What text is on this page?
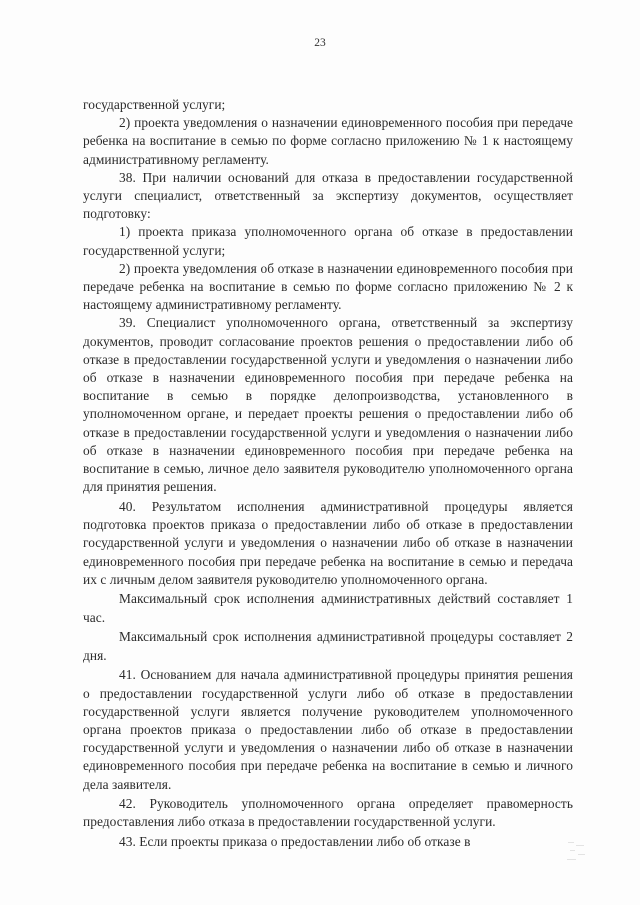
23

государственной услуги;

2) проекта уведомления о назначении единовременного пособия при передаче ребенка на воспитание в семью по форме согласно приложению № 1 к настоящему административному регламенту.

38. При наличии оснований для отказа в предоставлении государственной услуги специалист, ответственный за экспертизу документов, осуществляет подготовку:

1) проекта приказа уполномоченного органа об отказе в предоставлении государственной услуги;

2) проекта уведомления об отказе в назначении единовременного пособия при передаче ребенка на воспитание в семью по форме согласно приложению № 2 к настоящему административному регламенту.

39. Специалист уполномоченного органа, ответственный за экспертизу документов, проводит согласование проектов решения о предоставлении либо об отказе в предоставлении государственной услуги и уведомления о назначении либо об отказе в назначении единовременного пособия при передаче ребенка на воспитание в семью в порядке делопроизводства, установленного в уполномоченном органе, и передает проекты решения о предоставлении либо об отказе в предоставлении государственной услуги и уведомления о назначении либо об отказе в назначении единовременного пособия при передаче ребенка на воспитание в семью, личное дело заявителя руководителю уполномоченного органа для принятия решения.

40. Результатом исполнения административной процедуры является подготовка проектов приказа о предоставлении либо об отказе в предоставлении государственной услуги и уведомления о назначении либо об отказе в назначении единовременного пособия при передаче ребенка на воспитание в семью и передача их с личным делом заявителя руководителю уполномоченного органа.

Максимальный срок исполнения административных действий составляет 1 час.

Максимальный срок исполнения административной процедуры составляет 2 дня.

41. Основанием для начала административной процедуры принятия решения о предоставлении государственной услуги либо об отказе в предоставлении государственной услуги является получение руководителем уполномоченного органа проектов приказа о предоставлении либо об отказе в предоставлении государственной услуги и уведомления о назначении либо об отказе в назначении единовременного пособия при передаче ребенка на воспитание в семью и личного дела заявителя.

42. Руководитель уполномоченного органа определяет правомерность предоставления либо отказа в предоставлении государственной услуги.

43. Если проекты приказа о предоставлении либо об отказе в
